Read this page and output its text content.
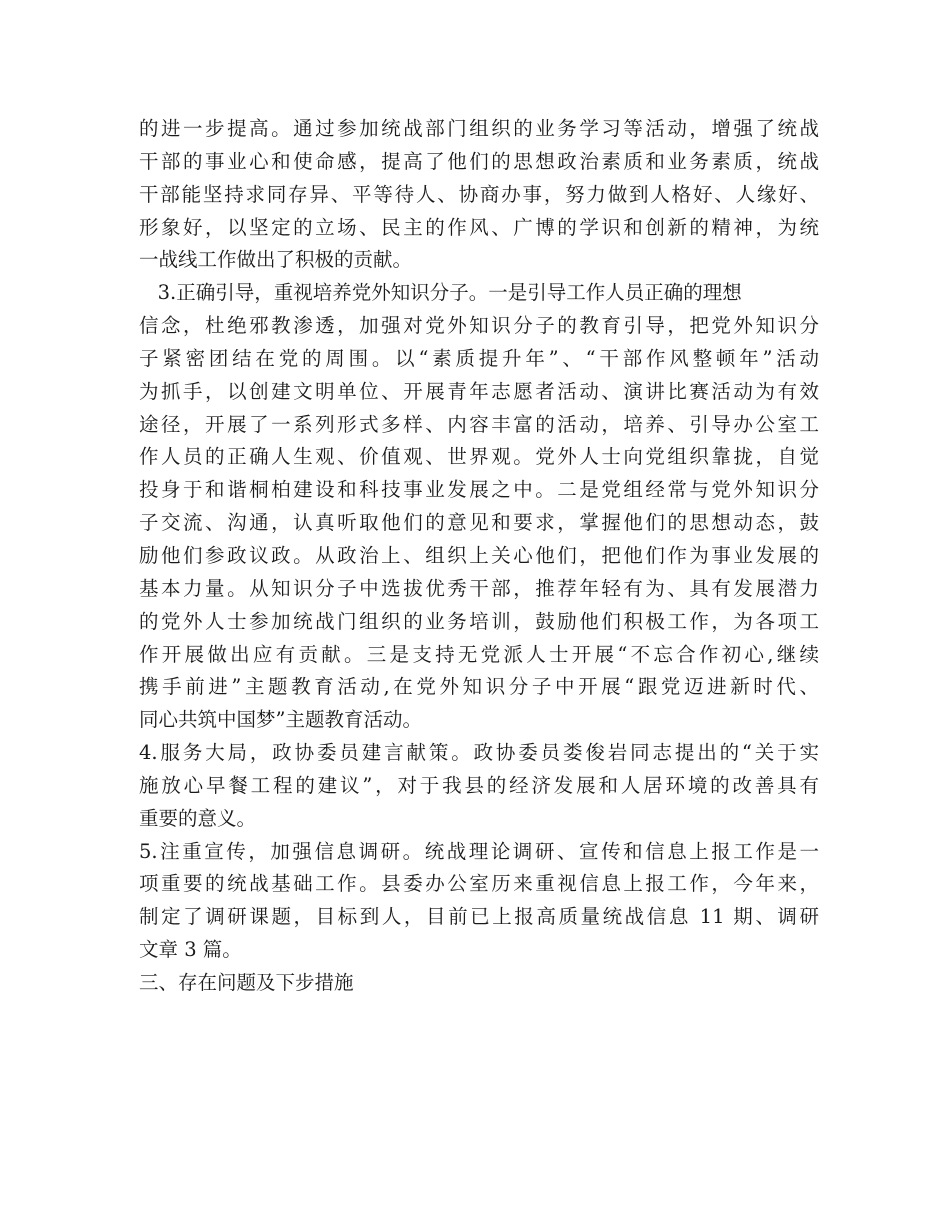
的进一步提高。通过参加统战部门组织的业务学习等活动，增强了统战
干部的事业心和使命感，提高了他们的思想政治素质和业务素质，统战
干部能坚持求同存异、平等待人、协商办事，努力做到人格好、人缘好、
形象好，以坚定的立场、民主的作风、广博的学识和创新的精神，为统
一战线工作做出了积极的贡献。
3.正确引导，重视培养党外知识分子。一是引导工作人员正确的理想
信念，杜绝邪教渗透，加强对党外知识分子的教育引导，把党外知识分
子紧密团结在党的周围。以“素质提升年”、“干部作风整顿年”活动
为抓手，以创建文明单位、开展青年志愿者活动、演讲比赛活动为有效
途径，开展了一系列形式多样、内容丰富的活动，培养、引导办公室工
作人员的正确人生观、价值观、世界观。党外人士向党组织靠拢，自觉
投身于和谐桐柏建设和科技事业发展之中。二是党组经常与党外知识分
子交流、沟通，认真听取他们的意见和要求，掌握他们的思想动态，鼓
励他们参政议政。从政治上、组织上关心他们，把他们作为事业发展的
基本力量。从知识分子中选拔优秀干部，推荐年轻有为、具有发展潜力
的党外人士参加统战门组织的业务培训，鼓励他们积极工作，为各项工
作开展做出应有贡献。三是支持无党派人士开展“不忘合作初心,继续
携手前进”主题教育活动,在党外知识分子中开展“跟党迈进新时代、
同心共筑中国梦”主题教育活动。
4.服务大局，政协委员建言献策。政协委员娄俊岩同志提出的“关于实
施放心早餐工程的建议”，对于我县的经济发展和人居环境的改善具有
重要的意义。
5.注重宣传，加强信息调研。统战理论调研、宣传和信息上报工作是一
项重要的统战基础工作。县委办公室历来重视信息上报工作，今年来，
制定了调研课题，目标到人，目前已上报高质量统战信息 11 期、调研
文章 3 篇。
三、存在问题及下步措施
